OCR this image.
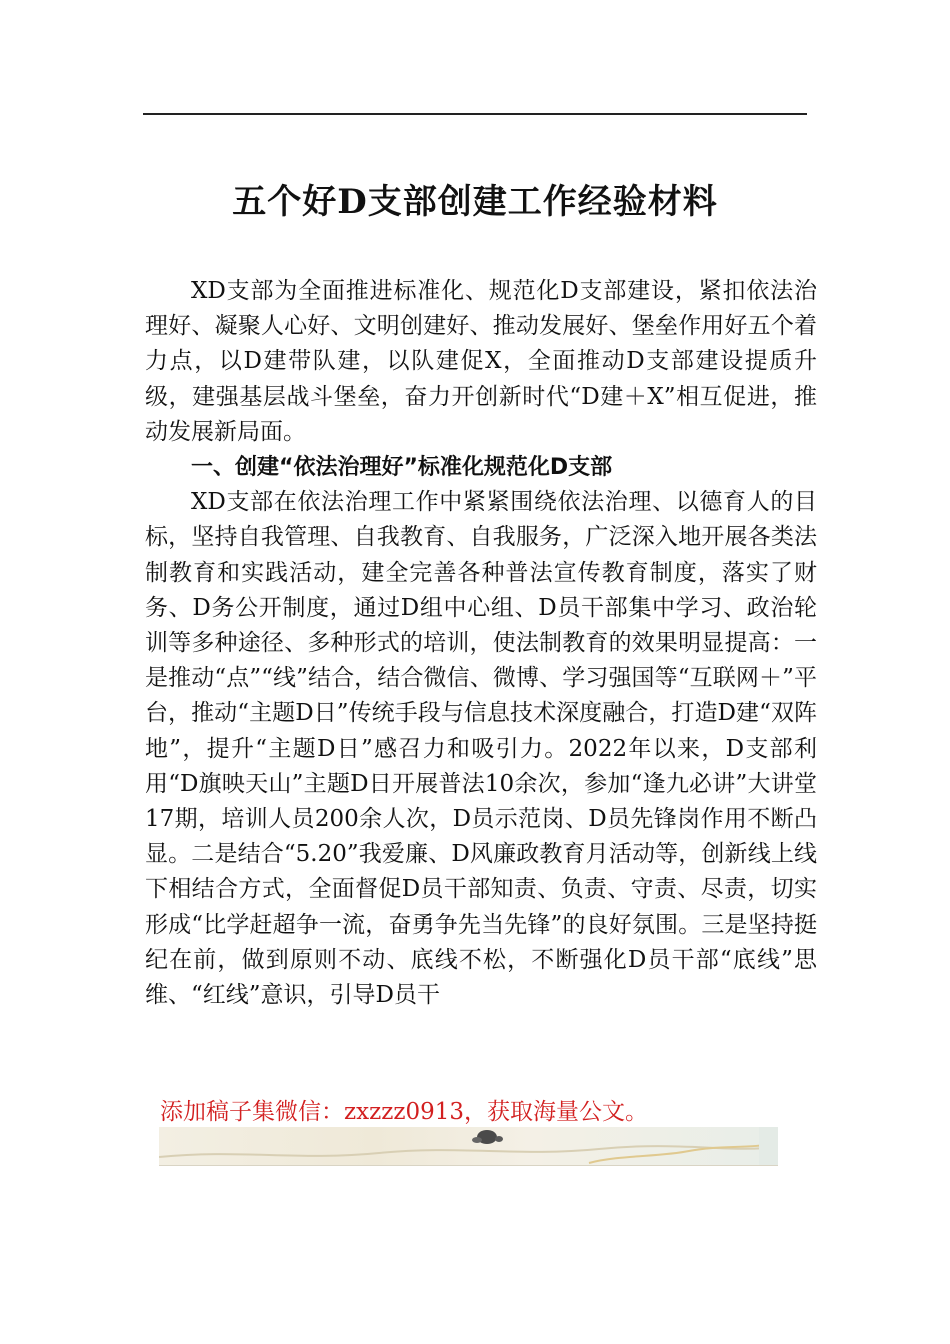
五个好D支部创建工作经验材料

XD支部为全面推进标准化、规范化D支部建设，紧扣依法治理好、凝聚人心好、文明创建好、推动发展好、堡垒作用好五个着力点，以D建带队建，以队建促X，全面推动D支部建设提质升级，建强基层战斗堡垒，奋力开创新时代“D建＋X”相互促进，推动发展新局面。

一、创建“依法治理好”标准化规范化D支部

XD支部在依法治理工作中紧紧围绕依法治理、以德育人的目标，坚持自我管理、自我教育、自我服务，广泛深入地开展各类法制教育和实践活动，建全完善各种普法宣传教育制度，落实了财务、D务公开制度，通过D组中心组、D员干部集中学习、政治轮训等多种途径、多种形式的培训，使法制教育的效果明显提高：一是推动“点”“线”结合，结合微信、微博、学习强国等“互联网＋”平台，推动“主题D日”传统手段与信息技术深度融合，打造D建“双阵地”，提升“主题D日”感召力和吸引力。2022年以来，D支部利用“D旗映天山”主题D日开展普法10余次，参加“逢九必讲”大讲堂17期，培训人员200余人次，D员示范岗、D员先锋岗作用不断凸显。二是结合“5.20”我爱廉、D风廉政教育月活动等，创新线上线下相结合方式，全面督促D员干部知责、负责、守责、尽责，切实形成“比学赶超争一流，奋勇争先当先锋”的良好氛围。三是坚持挺纪在前，做到原则不动、底线不松，不断强化D员干部“底线”思维、“红线”意识，引导D员干

添加稿子集微信：zxzzz0913，获取海量公文。
